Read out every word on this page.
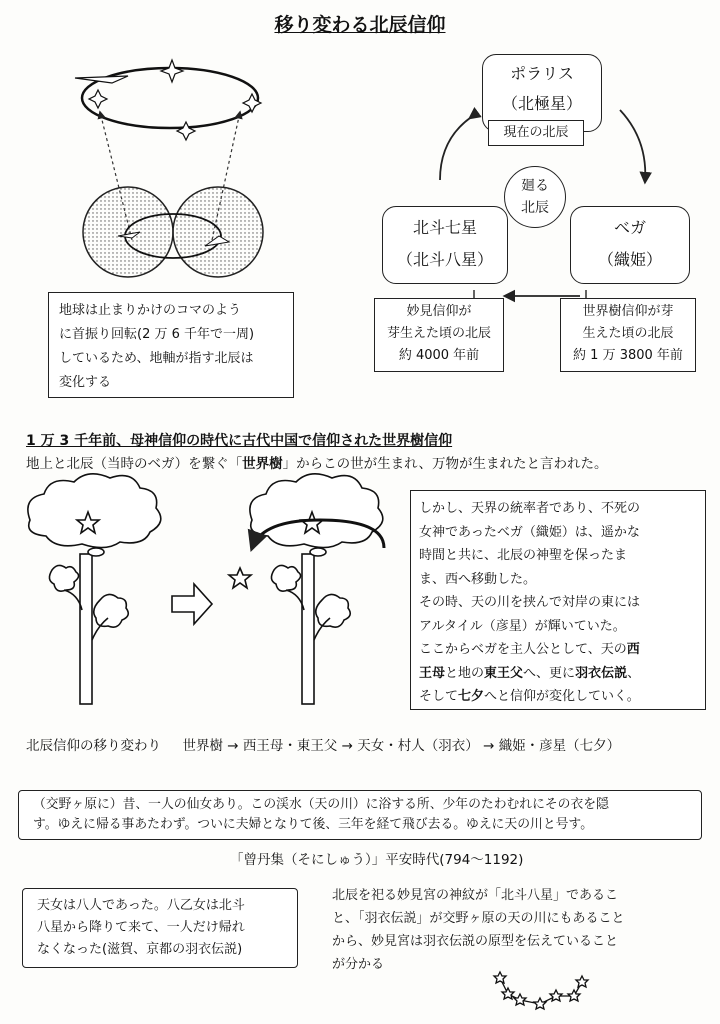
移り変わる北辰信仰
地球は止まりかけのコマのよう
に首振り回転(2 万 6 千年で一周)
しているため、地軸が指す北辰は
変化する
ポラリス
（北極星）
現在の北辰
廻る
北辰
北斗七星
（北斗八星）
ベガ
（織姫）
妙見信仰が
芽生えた頃の北辰
約 4000 年前
世界樹信仰が芽
生えた頃の北辰
約 1 万 3800 年前
1 万 3 千年前、母神信仰の時代に古代中国で信仰された世界樹信仰
地上と北辰（当時のベガ）を繋ぐ「世界樹」からこの世が生まれ、万物が生まれたと言われた。
しかし、天界の統率者であり、不死の
女神であったベガ（織姫）は、遥かな
時間と共に、北辰の神聖を保ったま
ま、西へ移動した。
その時、天の川を挟んで対岸の東には
アルタイル（彦星）が輝いていた。
ここからベガを主人公として、天の西
王母と地の東王父へ、更に羽衣伝説、
そして七夕へと信仰が変化していく。
北辰信仰の移り変わり 世界樹 → 西王母・東王父 → 天女・村人（羽衣） → 織姫・彦星（七夕）
（交野ヶ原に）昔、一人の仙女あり。この渓水（天の川）に浴する所、少年のたわむれにその衣を隠
す。ゆえに帰る事あたわず。ついに夫婦となりて後、三年を経て飛び去る。ゆえに天の川と号す。
「曾丹集（そにしゅう）」平安時代(794～1192)
天女は八人であった。八乙女は北斗
八星から降りて来て、一人だけ帰れ
なくなった(滋賀、京都の羽衣伝説)
北辰を祀る妙見宮の神紋が「北斗八星」であるこ
と、「羽衣伝説」が交野ヶ原の天の川にもあること
から、妙見宮は羽衣伝説の原型を伝えていること
が分かる
